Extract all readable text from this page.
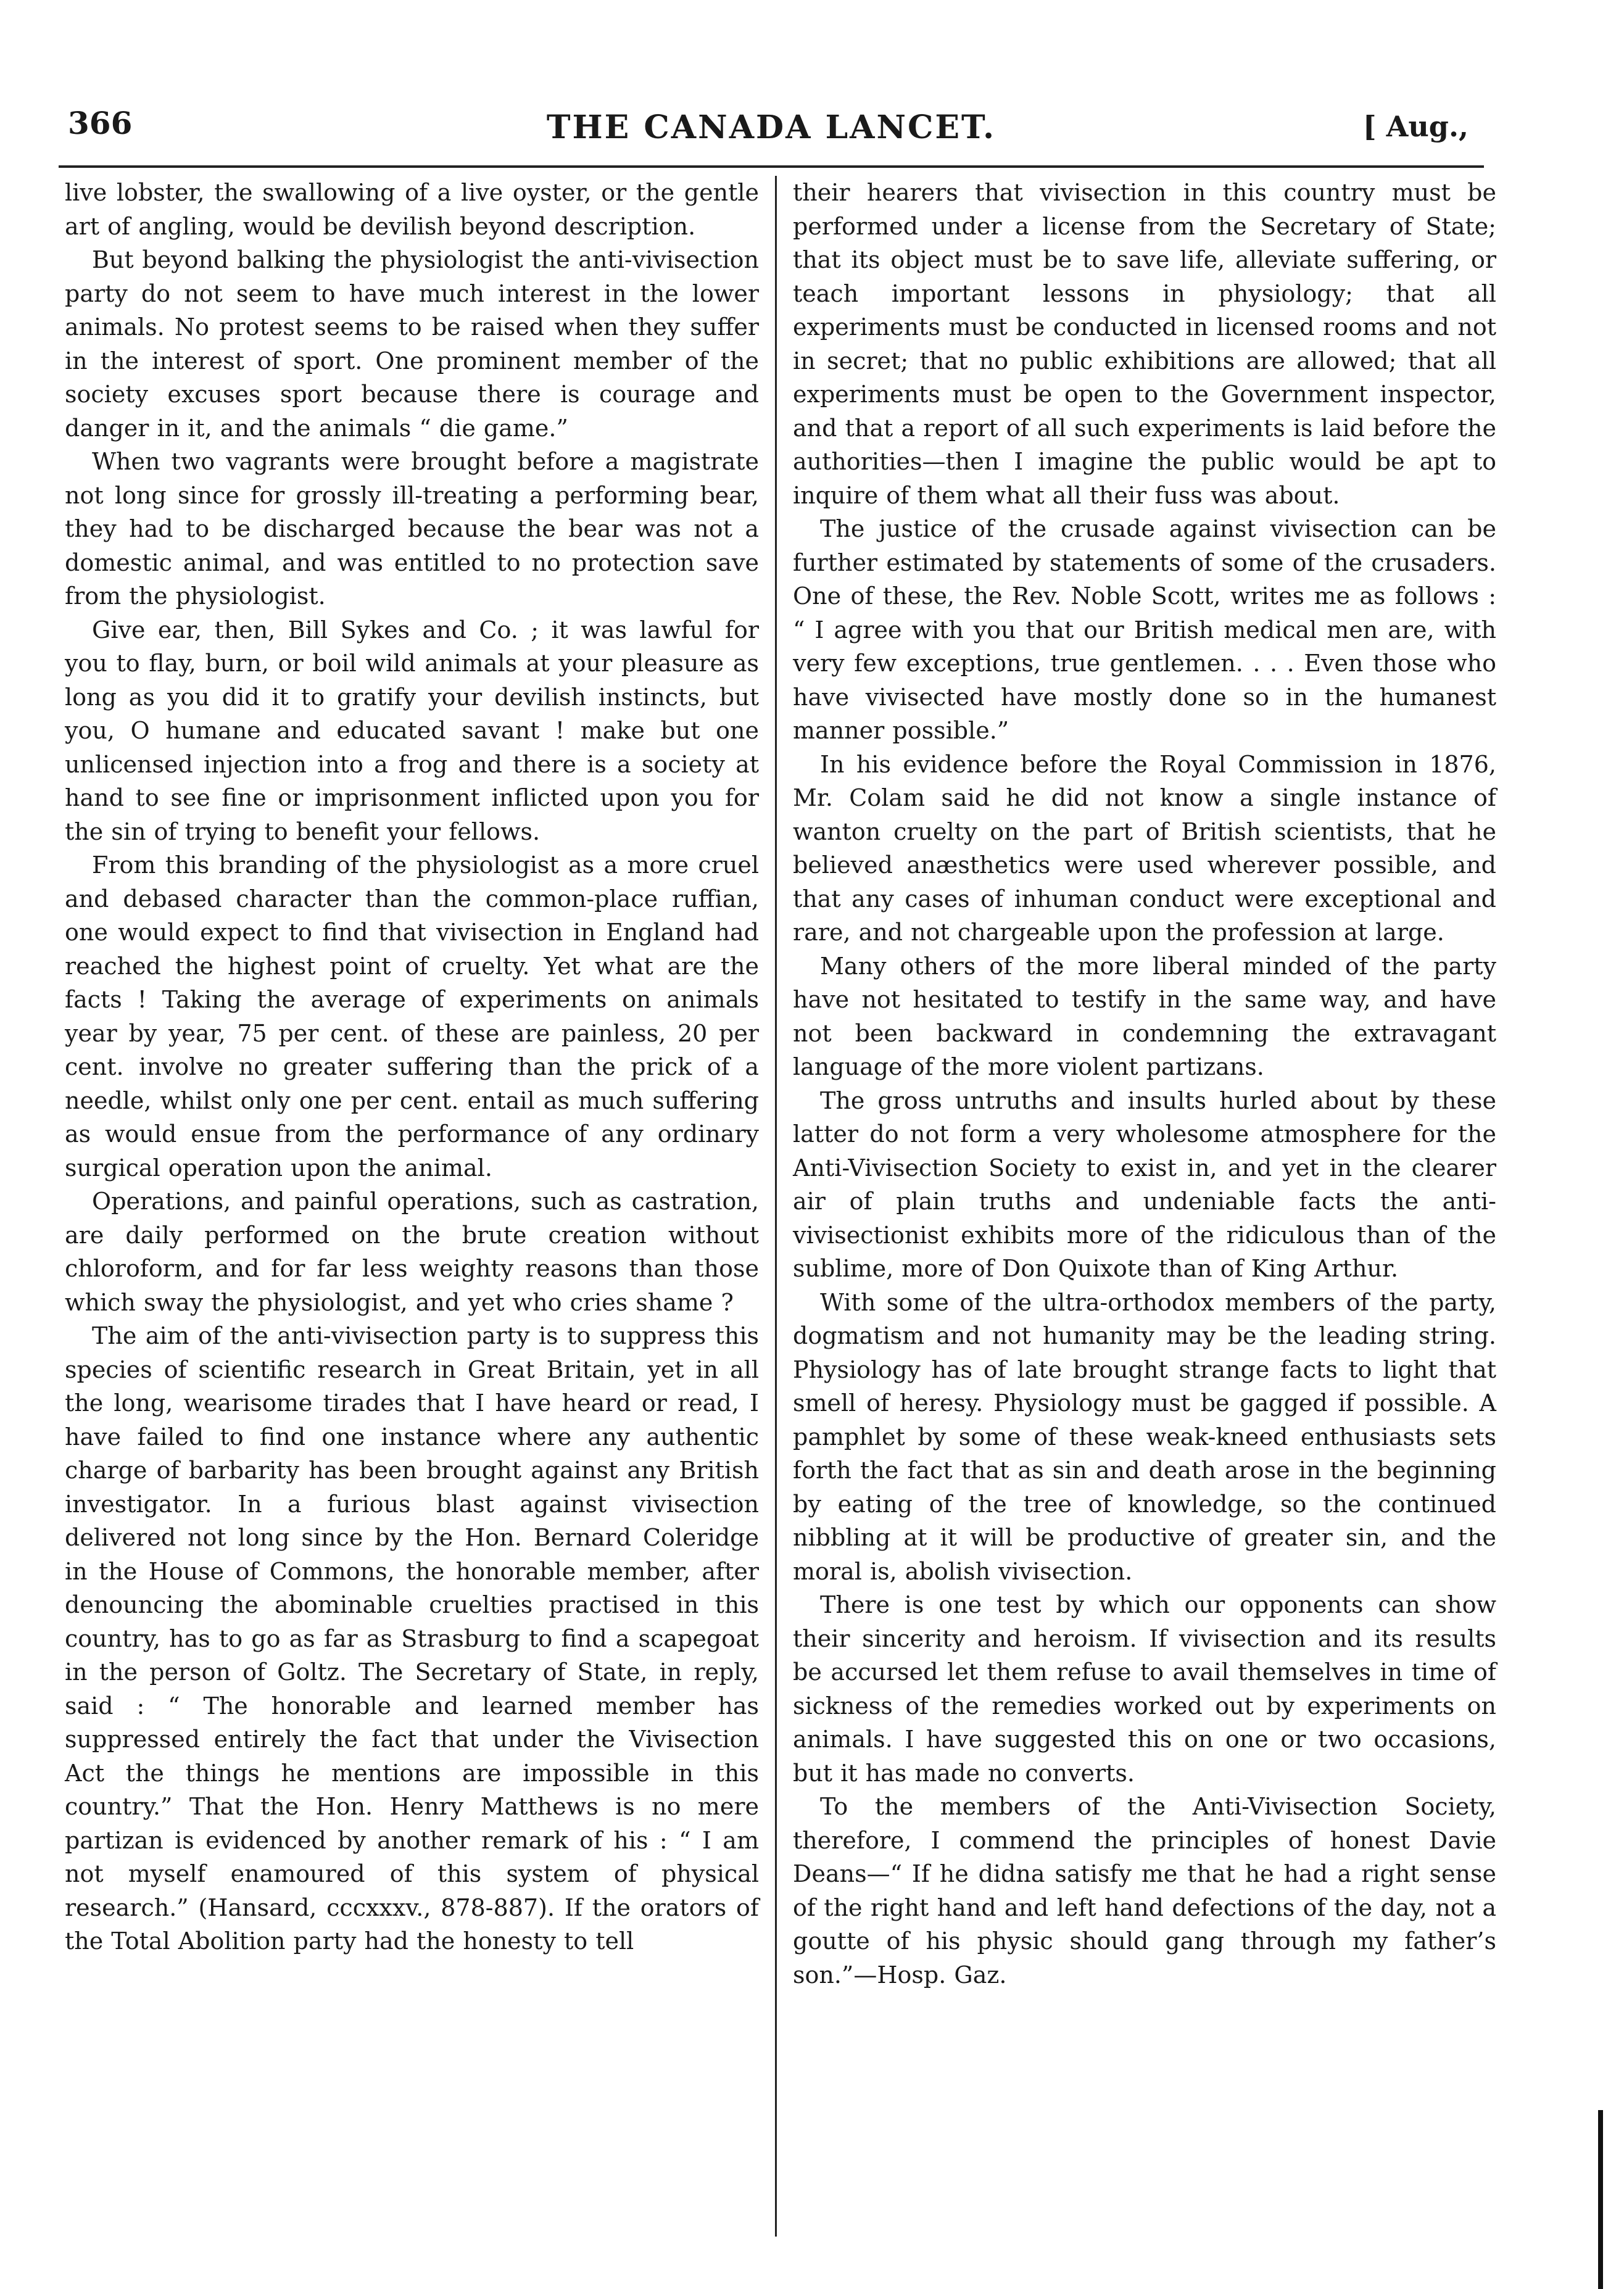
366	THE CANADA LANCET.	[ Aug.,

live lobster, the swallowing of a live oyster, or the gentle art of angling, would be devilish beyond description.

But beyond balking the physiologist the anti-vivisection party do not seem to have much interest in the lower animals. No protest seems to be raised when they suffer in the interest of sport. One prominent member of the society excuses sport because there is courage and danger in it, and the animals “ die game.”

When two vagrants were brought before a magistrate not long since for grossly ill-treating a performing bear, they had to be discharged because the bear was not a domestic animal, and was entitled to no protection save from the physiologist.

Give ear, then, Bill Sykes and Co. ; it was lawful for you to flay, burn, or boil wild animals at your pleasure as long as you did it to gratify your devilish instincts, but you, O humane and educated savant ! make but one unlicensed injection into a frog and there is a society at hand to see fine or imprisonment inflicted upon you for the sin of trying to benefit your fellows.

From this branding of the physiologist as a more cruel and debased character than the common-place ruffian, one would expect to find that vivisection in England had reached the highest point of cruelty. Yet what are the facts ! Taking the average of experiments on animals year by year, 75 per cent. of these are painless, 20 per cent. involve no greater suffering than the prick of a needle, whilst only one per cent. entail as much suffering as would ensue from the performance of any ordinary surgical operation upon the animal.

Operations, and painful operations, such as castration, are daily performed on the brute creation without chloroform, and for far less weighty reasons than those which sway the physiologist, and yet who cries shame ?

The aim of the anti-vivisection party is to suppress this species of scientific research in Great Britain, yet in all the long, wearisome tirades that I have heard or read, I have failed to find one instance where any authentic charge of barbarity has been brought against any British investigator. In a furious blast against vivisection delivered not long since by the Hon. Bernard Coleridge in the House of Commons, the honorable member, after denouncing the abominable cruelties practised in this country, has to go as far as Strasburg to find a scapegoat in the person of Goltz. The Secretary of State, in reply, said : “ The honorable and learned member has suppressed entirely the fact that under the Vivisection Act the things he mentions are impossible in this country.” That the Hon. Henry Matthews is no mere partizan is evidenced by another remark of his : “ I am not myself enamoured of this system of physical research.” (Hansard, cccxxxv., 878-887). If the orators of the Total Abolition party had the honesty to tell

their hearers that vivisection in this country must be performed under a license from the Secretary of State; that its object must be to save life, alleviate suffering, or teach important lessons in physiology; that all experiments must be conducted in licensed rooms and not in secret; that no public exhibitions are allowed; that all experiments must be open to the Government inspector, and that a report of all such experiments is laid before the authorities—then I imagine the public would be apt to inquire of them what all their fuss was about.

The justice of the crusade against vivisection can be further estimated by statements of some of the crusaders. One of these, the Rev. Noble Scott, writes me as follows : “ I agree with you that our British medical men are, with very few exceptions, true gentlemen. . . . Even those who have vivisected have mostly done so in the humanest manner possible.”

In his evidence before the Royal Commission in 1876, Mr. Colam said he did not know a single instance of wanton cruelty on the part of British scientists, that he believed anæsthetics were used wherever possible, and that any cases of inhuman conduct were exceptional and rare, and not chargeable upon the profession at large.

Many others of the more liberal minded of the party have not hesitated to testify in the same way, and have not been backward in condemning the extravagant language of the more violent partizans.

The gross untruths and insults hurled about by these latter do not form a very wholesome atmosphere for the Anti-Vivisection Society to exist in, and yet in the clearer air of plain truths and undeniable facts the anti-vivisectionist exhibits more of the ridiculous than of the sublime, more of Don Quixote than of King Arthur.

With some of the ultra-orthodox members of the party, dogmatism and not humanity may be the leading string. Physiology has of late brought strange facts to light that smell of heresy. Physiology must be gagged if possible. A pamphlet by some of these weak-kneed enthusiasts sets forth the fact that as sin and death arose in the beginning by eating of the tree of knowledge, so the continued nibbling at it will be productive of greater sin, and the moral is, abolish vivisection.

There is one test by which our opponents can show their sincerity and heroism. If vivisection and its results be accursed let them refuse to avail themselves in time of sickness of the remedies worked out by experiments on animals. I have suggested this on one or two occasions, but it has made no converts.

To the members of the Anti-Vivisection Society, therefore, I commend the principles of honest Davie Deans—“ If he didna satisfy me that he had a right sense of the right hand and left hand defections of the day, not a goutte of his physic should gang through my father’s son.”—Hosp. Gaz.
